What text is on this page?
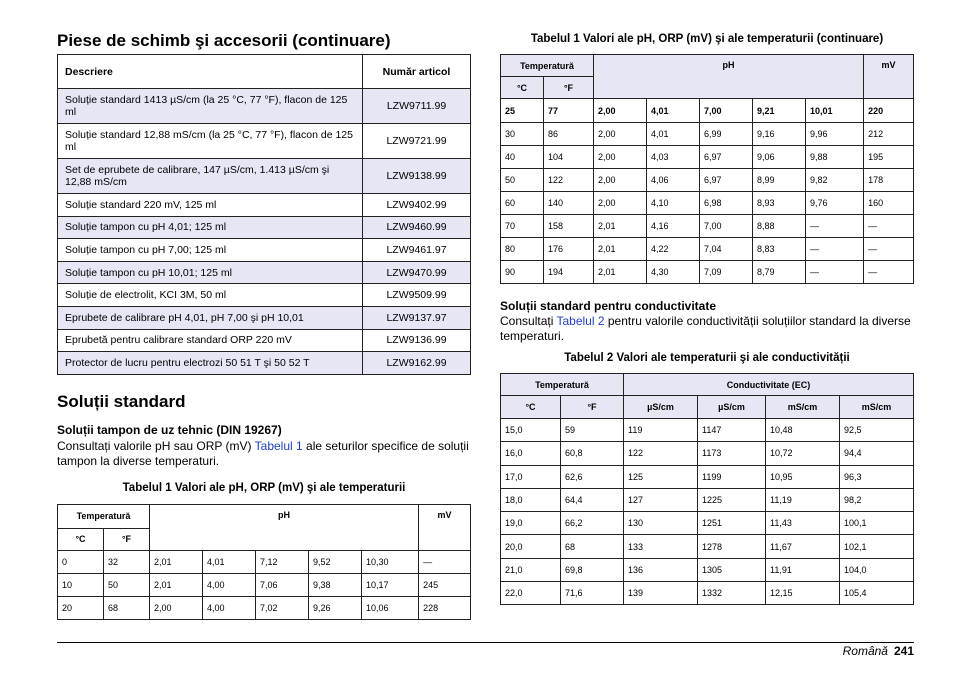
Piese de schimb şi accesorii (continuare)
Descriere	Număr articol
Soluție standard 1413 µS/cm (la 25 °C, 77 °F), flacon de 125 ml	LZW9711.99
Soluție standard 12,88 mS/cm (la 25 °C, 77 °F), flacon de 125 ml	LZW9721.99
Set de eprubete de calibrare, 147 µS/cm, 1.413 µS/cm şi 12,88 mS/cm	LZW9138.99
Soluție standard 220 mV, 125 ml	LZW9402.99
Soluție tampon cu pH 4,01; 125 ml	LZW9460.99
Soluție tampon cu pH 7,00; 125 ml	LZW9461.97
Soluție tampon cu pH 10,01; 125 ml	LZW9470.99
Soluție de electrolit, KCI 3M, 50 ml	LZW9509.99
Eprubete de calibrare pH 4,01, pH 7,00 şi pH 10,01	LZW9137.97
Eprubetă pentru calibrare standard ORP 220 mV	LZW9136.99
Protector de lucru pentru electrozi 50 51 T şi 50 52 T	LZW9162.99
Soluții standard
Soluții tampon de uz tehnic (DIN 19267)

Consultați valorile pH sau ORP (mV) Tabelul 1 ale seturilor specifice de soluții tampon la diverse temperaturi.

Tabelul 1 Valori ale pH, ORP (mV) şi ale temperaturii

Temperatură		pH					mV
°C	°F						
0	32	2,01	4,01	7,12	9,52	10,30	—
10	50	2,01	4,00	7,06	9,38	10,17	245
20	68	2,00	4,00	7,02	9,26	10,06	228

Tabelul 1 Valori ale pH, ORP (mV) şi ale temperaturii (continuare)

Temperatură		pH					mV
°C	°F						
25	77	2,00	4,01	7,00	9,21	10,01	220
30	86	2,00	4,01	6,99	9,16	9,96	212
40	104	2,00	4,03	6,97	9,06	9,88	195
50	122	2,00	4,06	6,97	8,99	9,82	178
60	140	2,00	4,10	6,98	8,93	9,76	160
70	158	2,01	4,16	7,00	8,88	—	—
80	176	2,01	4,22	7,04	8,83	—	—
90	194	2,01	4,30	7,09	8,79	—	—
Soluții standard pentru conductivitate

Consultați Tabelul 2 pentru valorile conductivității soluțiilor standard la diverse temperaturi.

Tabelul 2 Valori ale temperaturii şi ale conductivității

Temperatură		Conductivitate (EC)			
°C	°F	µS/cm	µS/cm	mS/cm	mS/cm
15,0	59	119	1147	10,48	92,5
16,0	60,8	122	1173	10,72	94,4
17,0	62,6	125	1199	10,95	96,3
18,0	64,4	127	1225	11,19	98,2
19,0	66,2	130	1251	11,43	100,1
20,0	68	133	1278	11,67	102,1
21,0	69,8	136	1305	11,91	104,0
22,0	71,6	139	1332	12,15	105,4
Română 241
